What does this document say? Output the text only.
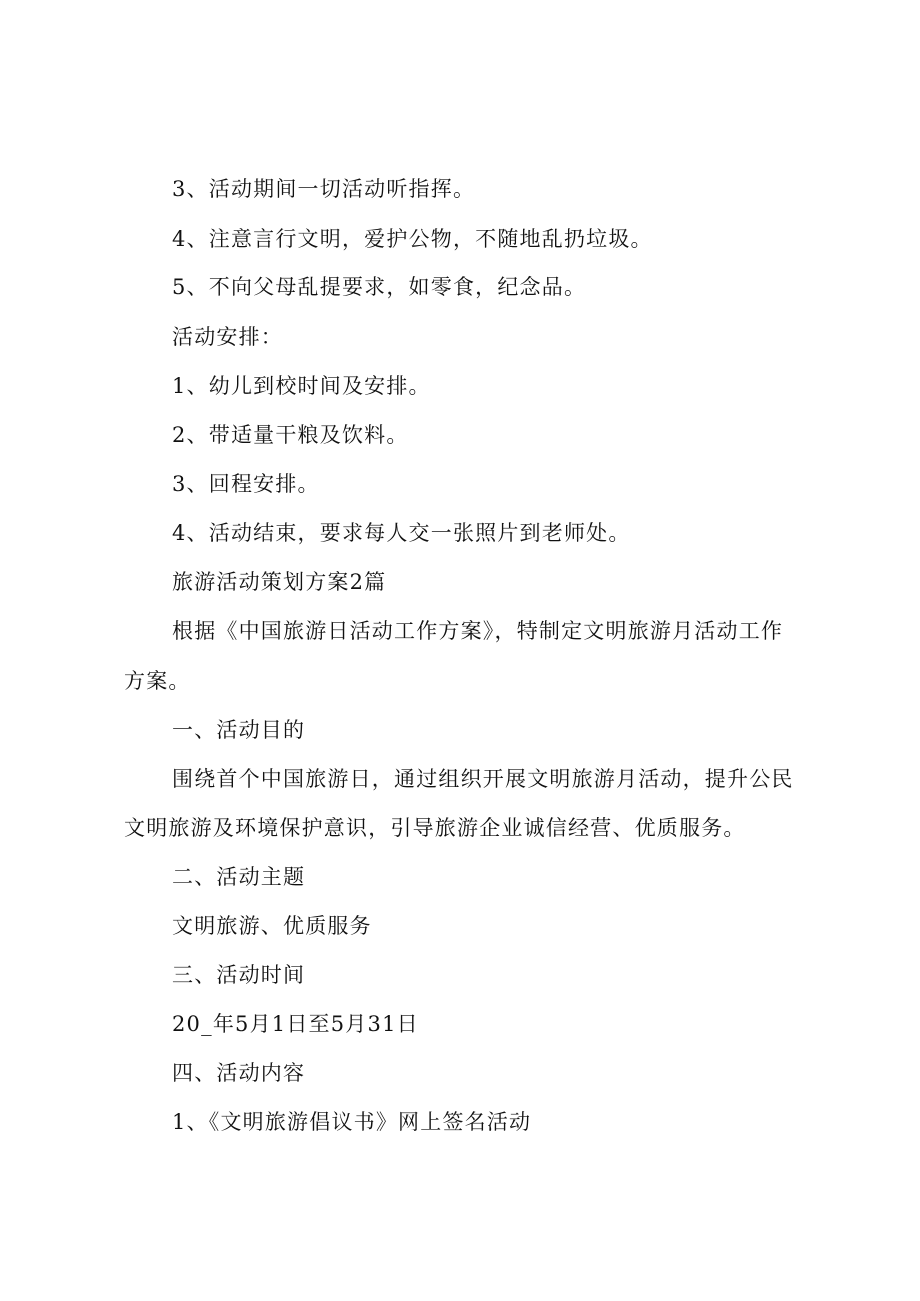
3、活动期间一切活动听指挥。
4、注意言行文明，爱护公物，不随地乱扔垃圾。
5、不向父母乱提要求，如零食，纪念品。
活动安排：
1、幼儿到校时间及安排。
2、带适量干粮及饮料。
3、回程安排。
4、活动结束，要求每人交一张照片到老师处。
旅游活动策划方案2篇
根据《中国旅游日活动工作方案》，特制定文明旅游月活动工作
方案。
一、活动目的
围绕首个中国旅游日，通过组织开展文明旅游月活动，提升公民
文明旅游及环境保护意识，引导旅游企业诚信经营、优质服务。
二、活动主题
文明旅游、优质服务
三、活动时间
20_年5月1日至5月31日
四、活动内容
1、《文明旅游倡议书》网上签名活动
